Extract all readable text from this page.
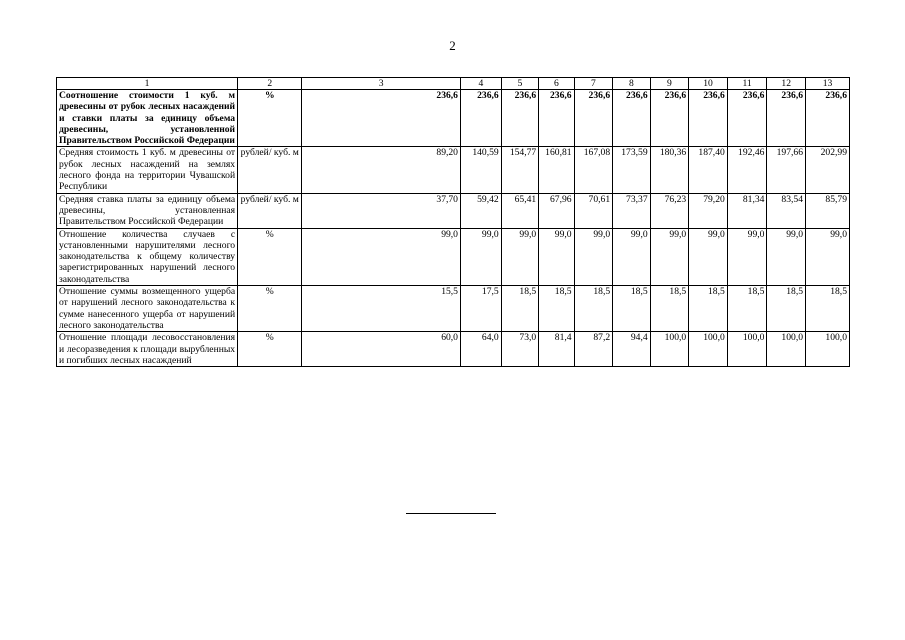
2
1	2	3	4	5	6	7	8	9	10	11	12	13
Соотношение стоимости 1 куб. м древесины от рубок лесных насаждений и ставки платы за единицу объема древесины, установленной Правительством Российской Федерации	%	236,6	236,6	236,6	236,6	236,6	236,6	236,6	236,6	236,6	236,6	236,6
Средняя стоимость 1 куб. м древесины от рубок лесных насаждений на землях лесного фонда на территории Чувашской Республики	рублей/ куб. м	89,20	140,59	154,77	160,81	167,08	173,59	180,36	187,40	192,46	197,66	202,99
Средняя ставка платы за единицу объема древесины, установленная Правительством Российской Федерации	рублей/ куб. м	37,70	59,42	65,41	67,96	70,61	73,37	76,23	79,20	81,34	83,54	85,79
Отношение количества случаев с установленными нарушителями лесного законодательства к общему количеству зарегистрированных нарушений лесного законодательства	%	99,0	99,0	99,0	99,0	99,0	99,0	99,0	99,0	99,0	99,0	99,0
Отношение суммы возмещенного ущерба от нарушений лесного законодательства к сумме нанесенного ущерба от нарушений лесного законодательства	%	15,5	17,5	18,5	18,5	18,5	18,5	18,5	18,5	18,5	18,5	18,5
Отношение площади лесовосстановления и лесоразведения к площади вырубленных и погибших лесных насаждений	%	60,0	64,0	73,0	81,4	87,2	94,4	100,0	100,0	100,0	100,0	100,0
